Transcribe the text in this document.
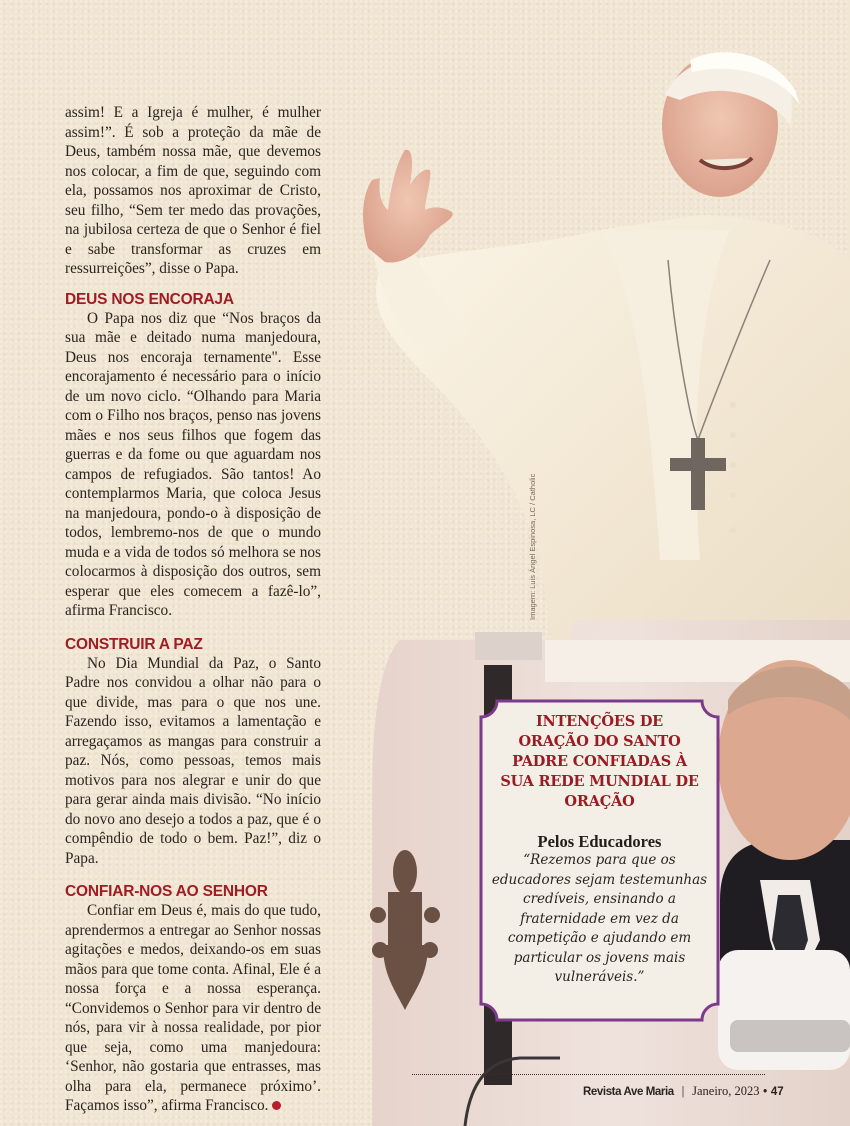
assim! E a Igreja é mulher, é mulher assim!”. É sob a proteção da mãe de Deus, também nossa mãe, que devemos nos colocar, a fim de que, seguindo com ela, possamos nos aproximar de Cristo, seu filho, “Sem ter medo das provações, na jubilosa certeza de que o Senhor é fiel e sabe transformar as cruzes em ressurreições”, disse o Papa.

DEUS NOS ENCORAJA

O Papa nos diz que “Nos braços da sua mãe e deitado numa manjedoura, Deus nos encoraja ternamente". Esse encorajamento é necessário para o início de um novo ciclo. “Olhando para Maria com o Filho nos braços, penso nas jovens mães e nos seus filhos que fogem das guerras e da fome ou que aguardam nos campos de refugiados. São tantos! Ao contemplarmos Maria, que coloca Jesus na manjedoura, pondo-o à disposição de todos, lembremo-nos de que o mundo muda e a vida de todos só melhora se nos colocarmos à disposição dos outros, sem esperar que eles comecem a fazê-lo”, afirma Francisco.

CONSTRUIR A PAZ

No Dia Mundial da Paz, o Santo Padre nos convidou a olhar não para o que divide, mas para o que nos une. Fazendo isso, evitamos a lamentação e arregaçamos as mangas para construir a paz. Nós, como pessoas, temos mais motivos para nos alegrar e unir do que para gerar ainda mais divisão. “No início do novo ano desejo a todos a paz, que é o compêndio de todo o bem. Paz!”, diz o Papa.

CONFIAR-NOS AO SENHOR

Confiar em Deus é, mais do que tudo, aprendermos a entregar ao Senhor nossas agitações e medos, deixando-os em suas mãos para que tome conta. Afinal, Ele é a nossa força e a nossa esperança. “Convidemos o Senhor para vir dentro de nós, para vir à nossa realidade, por pior que seja, como uma manjedoura: ‘Senhor, não gostaria que entrasses, mas olha para ela, permanece próximo’. Façamos isso”, afirma Francisco.

Imagem: Luis Ángel Espinosa, LC / Catholic
INTENÇÕES DE ORAÇÃO DO SANTO PADRE CONFIADAS À SUA REDE MUNDIAL DE ORAÇÃO
Pelos Educadores
“Rezemos para que os educadores sejam testemunhas credíveis, ensinando a fraternidade em vez da competição e ajudando em particular os jovens mais vulneráveis.”
Revista Ave Maria | Janeiro, 2023 • 47
